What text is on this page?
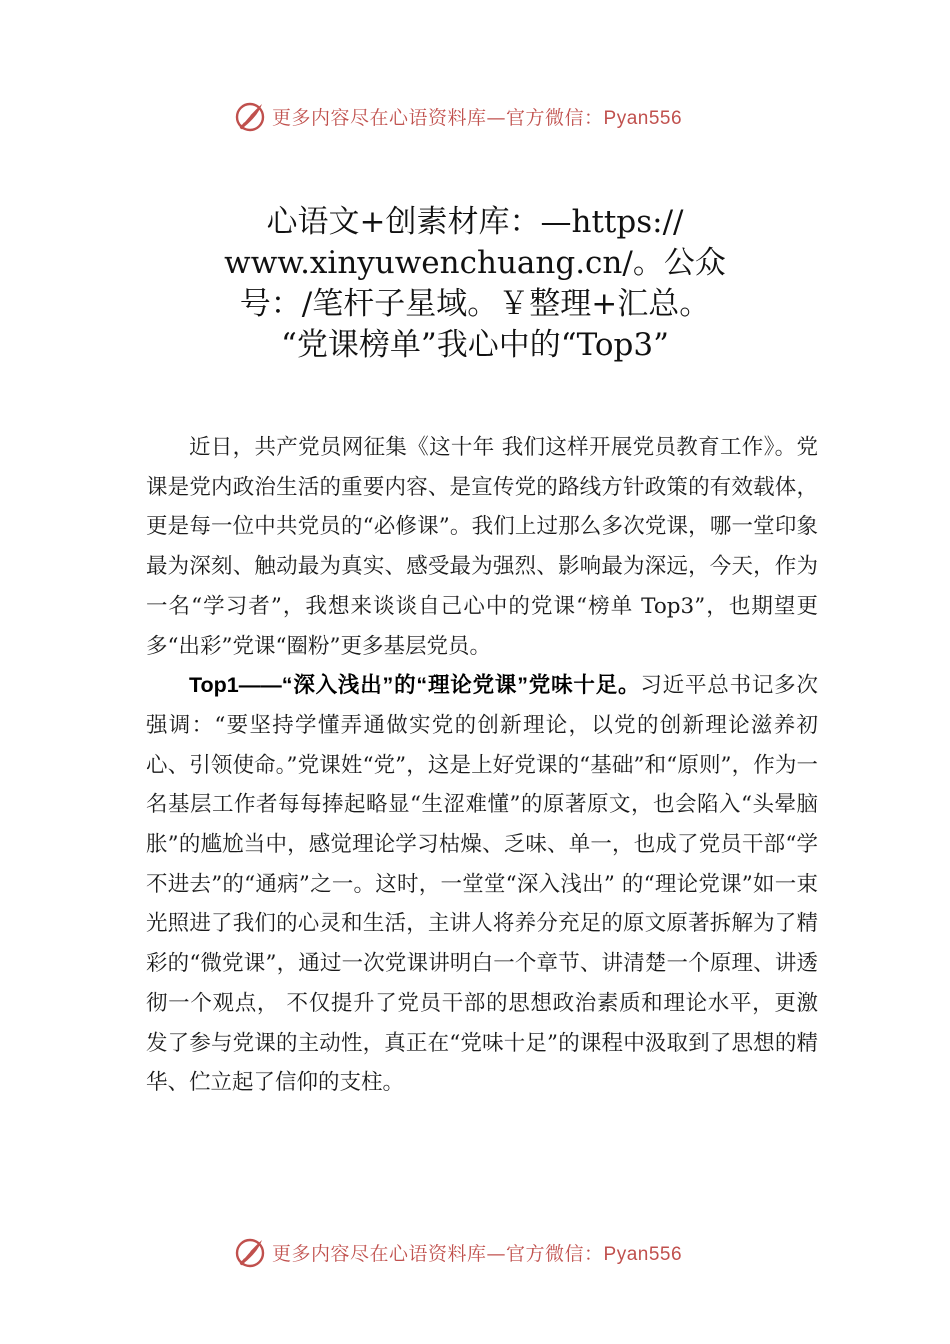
更多内容尽在心语资料库—官方微信：Pyan556
心语文+创素材库：—https://
www.xinyuwenchuang.cn/。公众
号：/笔杆子星域。￥整理+汇总。
“党课榜单”我心中的“Top3”

近日，共产党员网征集《这十年 我们这样开展党员教育工作》。党课是党内政治生活的重要内容、是宣传党的路线方针政策的有效载体，更是每一位中共党员的“必修课”。我们上过那么多次党课，哪一堂印象最为深刻、触动最为真实、感受最为强烈、影响最为深远，今天，作为一名“学习者”，我想来谈谈自己心中的党课“榜单 Top3”，也期望更多“出彩”党课“圈粉”更多基层党员。

Top1——“深入浅出”的“理论党课”党味十足。习近平总书记多次强调：“要坚持学懂弄通做实党的创新理论，以党的创新理论滋养初心、引领使命。”党课姓“党”，这是上好党课的“基础”和“原则”，作为一名基层工作者每每捧起略显“生涩难懂”的原著原文，也会陷入“头晕脑胀”的尴尬当中，感觉理论学习枯燥、乏味、单一，也成了党员干部“学不进去”的“通病”之一。这时，一堂堂“深入浅出” 的“理论党课”如一束光照进了我们的心灵和生活，主讲人将养分充足的原文原著拆解为了精彩的“微党课”，通过一次党课讲明白一个章节、讲清楚一个原理、讲透彻一个观点， 不仅提升了党员干部的思想政治素质和理论水平，更激发了参与党课的主动性，真正在“党味十足”的课程中汲取到了思想的精华、伫立起了信仰的支柱。

更多内容尽在心语资料库—官方微信：Pyan556
